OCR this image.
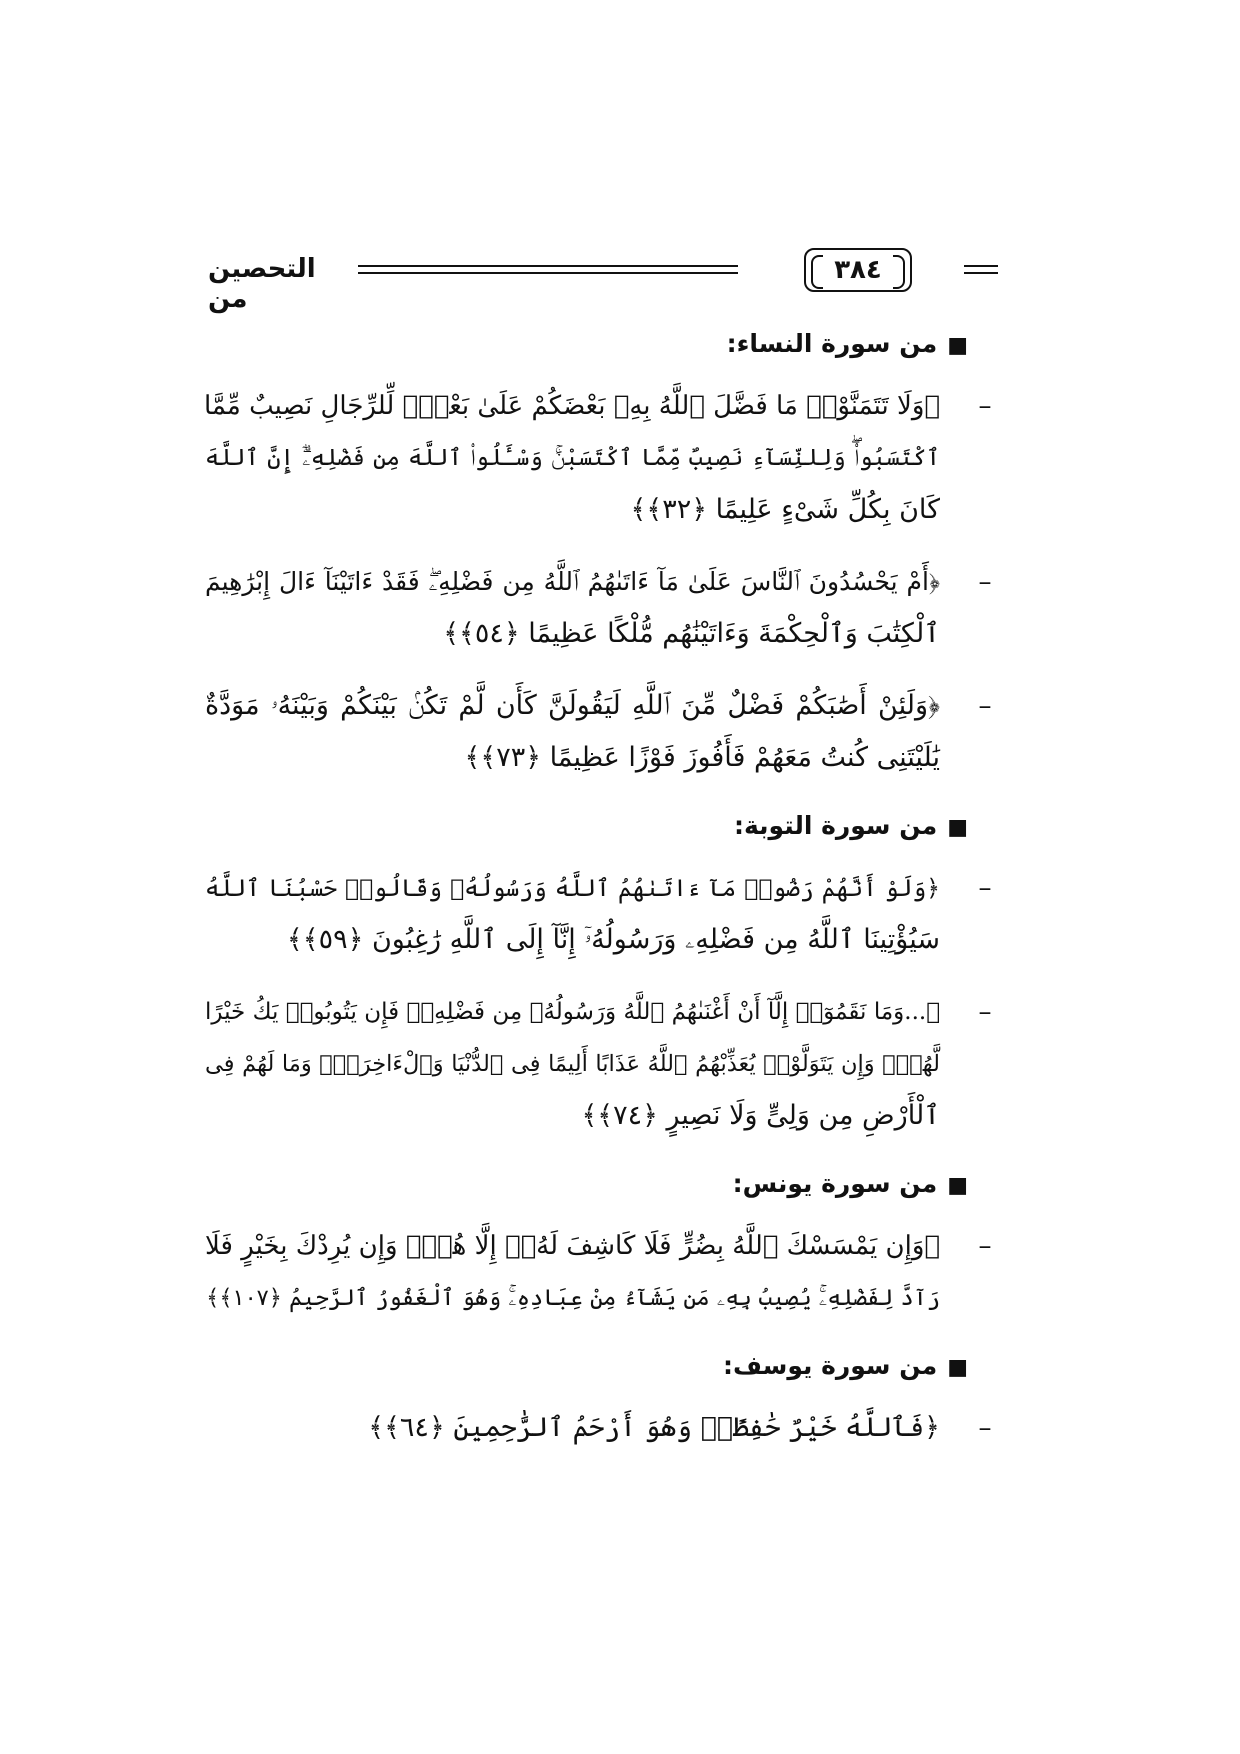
التحصين من
٣٨٤
■من سورة النساء:
–
﴿وَلَا تَتَمَنَّوْا۟ مَا فَضَّلَ ٱللَّهُ بِهِۦ بَعْضَكُمْ عَلَىٰ بَعْضٍۚ لِّلرِّجَالِ نَصِيبٌ مِّمَّا
ٱكْتَسَبُوا۟ۖ وَلِلنِّسَآءِ نَصِيبٌ مِّمَّا ٱكْتَسَبْنَۚ وَسْـَٔلُوا۟ ٱللَّهَ مِن فَضْلِهِۦٓۗ إِنَّ ٱللَّهَ
كَانَ بِكُلِّ شَىْءٍ عَلِيمًا ﴿٣٢﴾﴾
–
﴿أَمْ يَحْسُدُونَ ٱلنَّاسَ عَلَىٰ مَآ ءَاتَىٰهُمُ ٱللَّهُ مِن فَضْلِهِۦۖ فَقَدْ ءَاتَيْنَآ ءَالَ إِبْرَٰهِيمَ
ٱلْكِتَٰبَ وَٱلْحِكْمَةَ وَءَاتَيْنَٰهُم مُّلْكًا عَظِيمًا ﴿٥٤﴾﴾
–
﴿وَلَئِنْ أَصَٰبَكُمْ فَضْلٌ مِّنَ ٱللَّهِ لَيَقُولَنَّ كَأَن لَّمْ تَكُنۢ بَيْنَكُمْ وَبَيْنَهُۥ مَوَدَّةٌ
يَٰلَيْتَنِى كُنتُ مَعَهُمْ فَأَفُوزَ فَوْزًا عَظِيمًا ﴿٧٣﴾﴾
■من سورة التوبة:
–
﴿وَلَوْ أَنَّهُمْ رَضُوا۟ مَآ ءَاتَىٰهُمُ ٱللَّهُ وَرَسُولُهُۥ وَقَالُوا۟ حَسْبُنَا ٱللَّهُ
سَيُؤْتِينَا ٱللَّهُ مِن فَضْلِهِۦ وَرَسُولُهُۥٓ إِنَّآ إِلَى ٱللَّهِ رَٰغِبُونَ ﴿٥٩﴾﴾
–
﴿...وَمَا نَقَمُوٓا۟ إِلَّآ أَنْ أَغْنَىٰهُمُ ٱللَّهُ وَرَسُولُهُۥ مِن فَضْلِهِۦۚ فَإِن يَتُوبُوا۟ يَكُ خَيْرًا
لَّهُمْۖ وَإِن يَتَوَلَّوْا۟ يُعَذِّبْهُمُ ٱللَّهُ عَذَابًا أَلِيمًا فِى ٱلدُّنْيَا وَٱلْءَاخِرَةِۚ وَمَا لَهُمْ فِى
ٱلْأَرْضِ مِن وَلِىٍّ وَلَا نَصِيرٍ ﴿٧٤﴾﴾
■من سورة يونس:
–
﴿وَإِن يَمْسَسْكَ ٱللَّهُ بِضُرٍّ فَلَا كَاشِفَ لَهُۥٓ إِلَّا هُوَۖ وَإِن يُرِدْكَ بِخَيْرٍ فَلَا
رَآدَّ لِفَضْلِهِۦۚ يُصِيبُ بِهِۦ مَن يَشَآءُ مِنْ عِبَادِهِۦۚ وَهُوَ ٱلْغَفُورُ ٱلرَّحِيمُ ﴿١٠٧﴾﴾
■من سورة يوسف:
–
﴿فَٱللَّهُ خَيْرٌ حَٰفِظًاۖ وَهُوَ أَرْحَمُ ٱلرَّٰحِمِينَ ﴿٦٤﴾﴾
